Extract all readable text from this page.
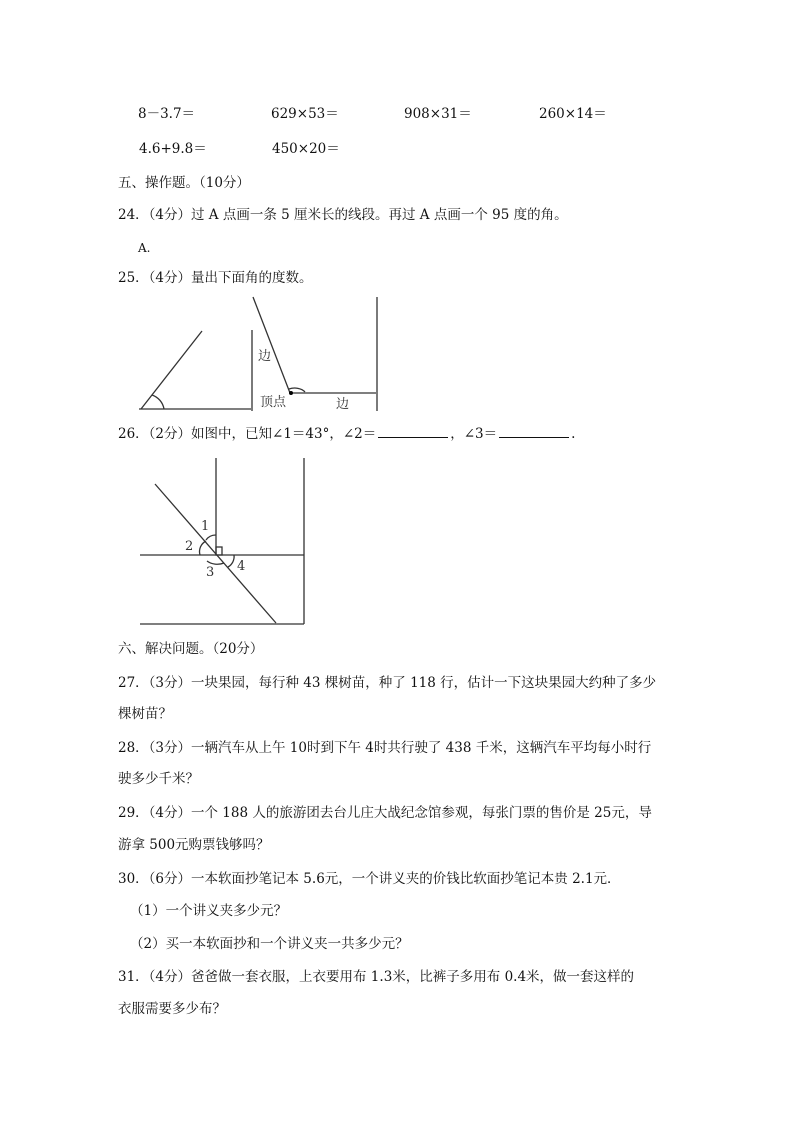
8－3.7＝	629×53＝	908×31＝	260×14＝
4.6+9.8＝	450×20＝
五、操作题。（10分）
24．（4分）过 A 点画一条 5 厘米长的线段。再过 A 点画一个 95 度的角。
A.
25．（4分）量出下面角的度数。
边
顶点	边
1
2
3 4
26．（2分）如图中，已知∠1＝43°，∠2＝	，∠3＝	.
六、解决问题。（20分）
27．（3分）一块果园，每行种 43 棵树苗，种了 118 行，估计一下这块果园大约种了多少
棵树苗？
28．（3分）一辆汽车从上午 10时到下午 4时共行驶了 438 千米，这辆汽车平均每小时行
驶多少千米？
29．（4分）一个 188 人的旅游团去台儿庄大战纪念馆参观，每张门票的售价是 25元，导
游拿 500元购票钱够吗？
30．（6分）一本软面抄笔记本 5.6元，一个讲义夹的价钱比软面抄笔记本贵 2.1元．
（1）一个讲义夹多少元？
（2）买一本软面抄和一个讲义夹一共多少元？
31．（4分）爸爸做一套衣服，上衣要用布 1.3米，比裤子多用布 0.4米，做一套这样的
衣服需要多少布？
